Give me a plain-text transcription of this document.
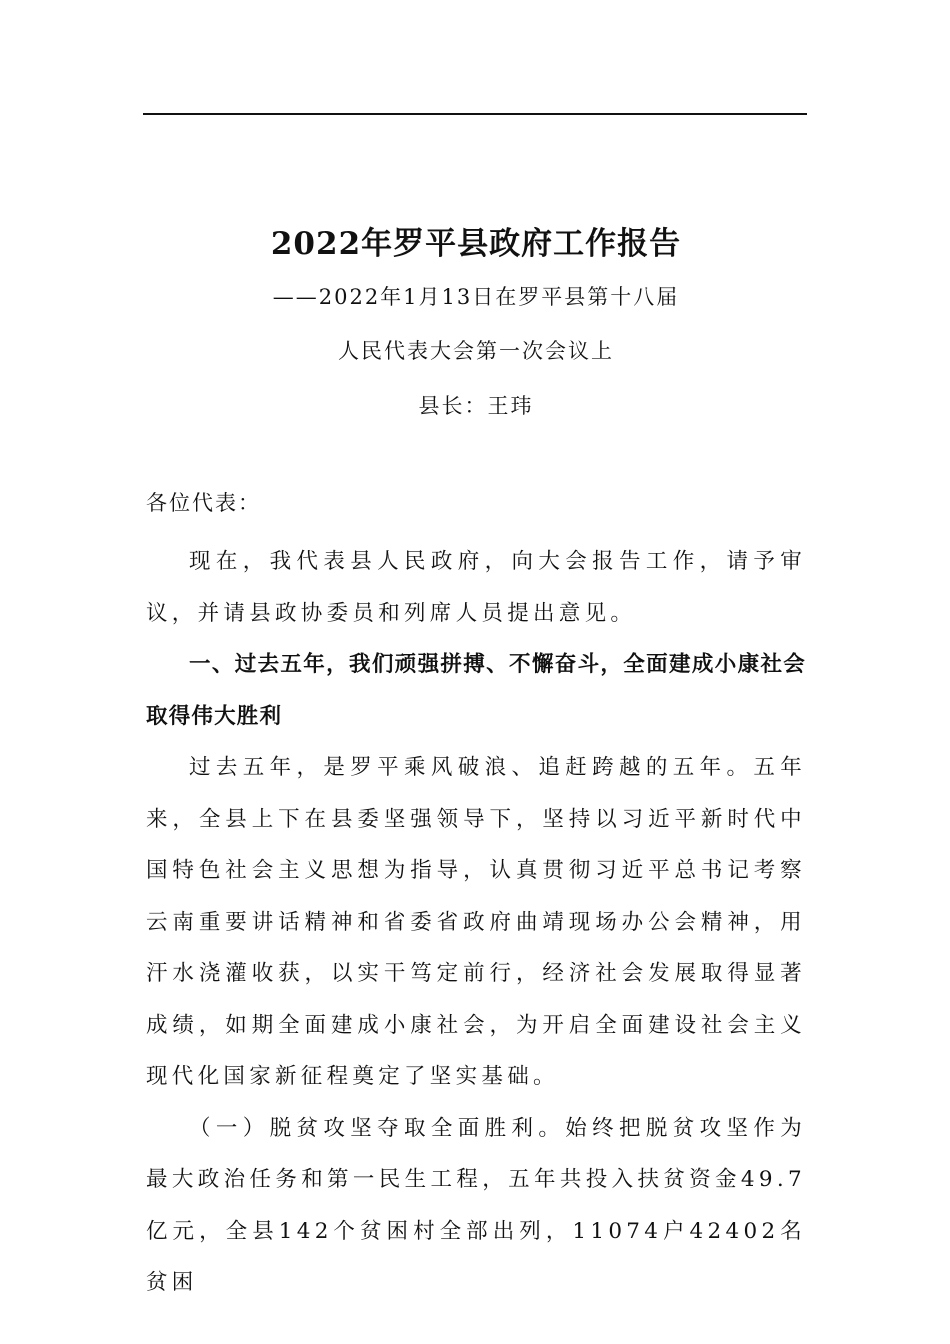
2022年罗平县政府工作报告
——2022年1月13日在罗平县第十八届
人民代表大会第一次会议上
县长：王玮
各位代表：

现在，我代表县人民政府，向大会报告工作，请予审议，并请县政协委员和列席人员提出意见。

一、过去五年，我们顽强拼搏、不懈奋斗，全面建成小康社会取得伟大胜利

过去五年，是罗平乘风破浪、追赶跨越的五年。五年来，全县上下在县委坚强领导下，坚持以习近平新时代中国特色社会主义思想为指导，认真贯彻习近平总书记考察云南重要讲话精神和省委省政府曲靖现场办公会精神，用汗水浇灌收获，以实干笃定前行，经济社会发展取得显著成绩，如期全面建成小康社会，为开启全面建设社会主义现代化国家新征程奠定了坚实基础。

（一）脱贫攻坚夺取全面胜利。始终把脱贫攻坚作为最大政治任务和第一民生工程，五年共投入扶贫资金49.7亿元，全县142个贫困村全部出列，11074户42402名贫困
